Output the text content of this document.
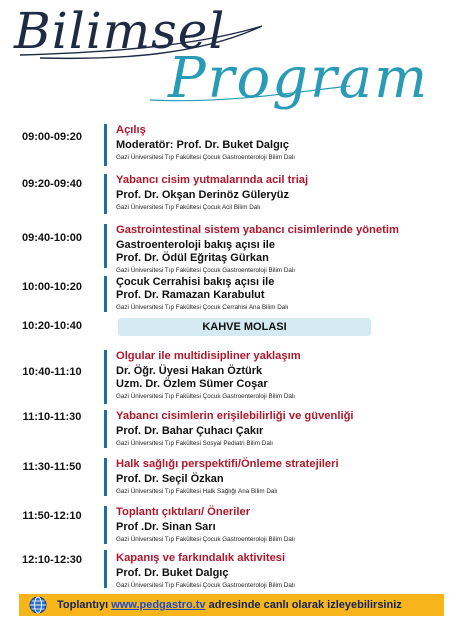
Bilimsel
Program
09:00-09:20
Açılış
Moderatör: Prof. Dr. Buket Dalgıç
Gazi Üniversitesi Tıp Fakültesi Çocuk Gastroenteroloji Bilim Dalı
09:20-09:40	Yabancı cisim yutmalarında acil triaj
Prof. Dr. Okşan Derinöz Güleryüz
Gazi Üniversitesi Tıp Fakültesi Çocuk Acil Bilim Dalı
09:40-10:00
Gastrointestinal sistem yabancı cisimlerinde yönetim
Gastroenteroloji bakış açısı ile
Prof. Dr. Ödül Eğritaş Gürkan
Gazi Üniversitesi Tıp Fakültesi Çocuk Gastroenteroloji Bilim Dalı
10:00-10:20	Çocuk Cerrahisi bakış açısı ile
Prof. Dr. Ramazan Karabulut
Gazi Üniversitesi Tıp Fakültesi Çocuk Cerrahisi Ana Bilim Dalı
10:20-10:40	KAHVE MOLASI
10:40-11:10
Olgular ile multidisipliner yaklaşım
Dr. Öğr. Üyesi Hakan Öztürk
Uzm. Dr. Özlem Sümer Coşar
Gazi Üniversitesi Tıp Fakültesi Çocuk Gastroenteroloji Bilim Dalı
11:10-11:30	Yabancı cisimlerin erişilebilirliği ve güvenliği
Prof. Dr. Bahar Çuhacı Çakır
Gazi Üniversitesi Tıp Fakültesi Sosyal Pediatri Bilim Dalı
11:30-11:50	Halk sağlığı perspektifi/Önleme stratejileri
Prof. Dr. Seçil Özkan
Gazi Üniversitesi Tıp Fakültesi Halk Sağlığı Ana Bilim Dalı
11:50-12:10	Toplantı çıktıları/ Öneriler
Prof .Dr. Sinan Sarı
Gazi Üniversitesi Tıp Fakültesi Çocuk Gastroenteroloji Bilim Dalı
12:10-12:30	Kapanış ve farkındalık aktivitesi
Prof. Dr. Buket Dalgıç
Gazi Üniversitesi Tıp Fakültesi Çocuk Gastroenteroloji Bilim Dalı
Toplantıyı www.pedgastro.tv adresinde canlı olarak izleyebilirsiniz
